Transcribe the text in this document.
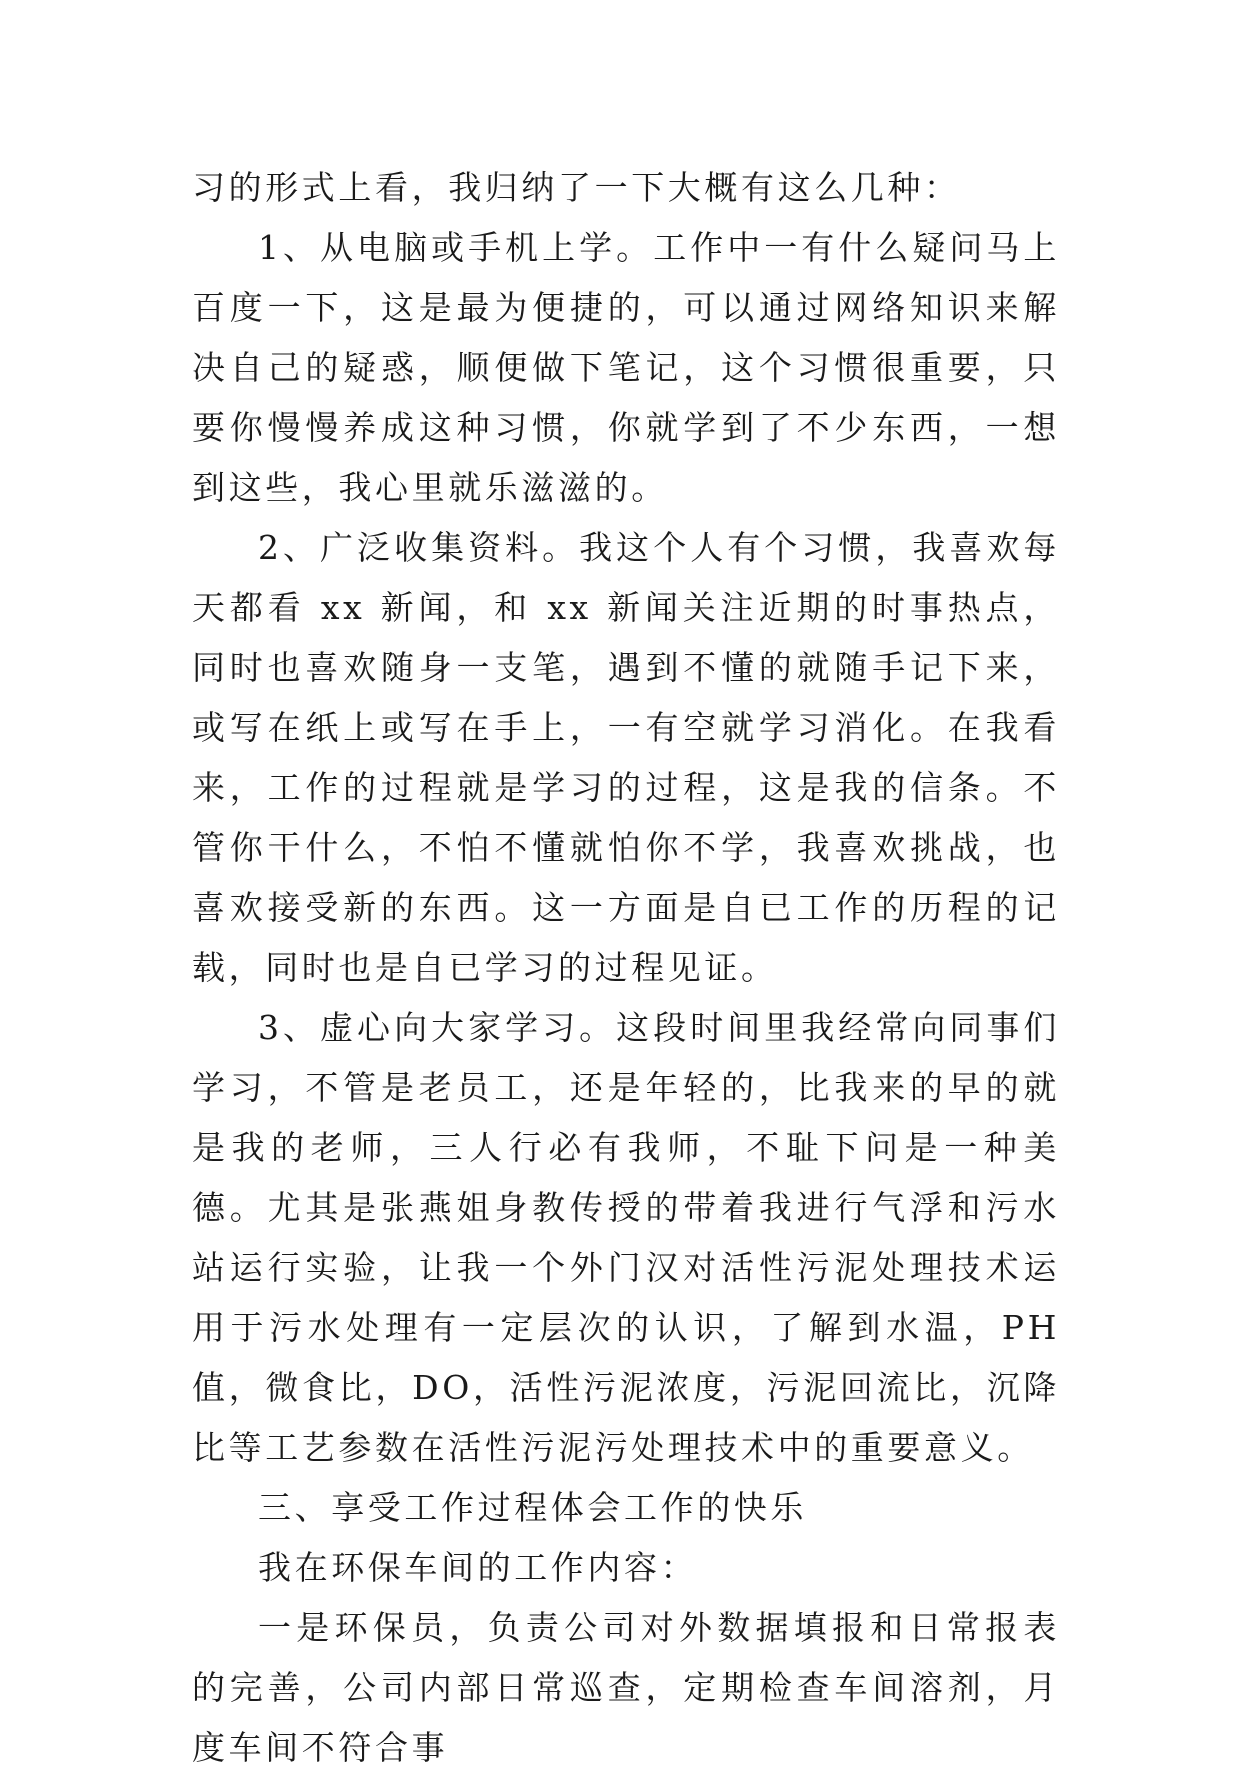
习的形式上看，我归纳了一下大概有这么几种：

1、从电脑或手机上学。工作中一有什么疑问马上百度一下，这是最为便捷的，可以通过网络知识来解决自己的疑惑，顺便做下笔记，这个习惯很重要，只要你慢慢养成这种习惯，你就学到了不少东西，一想到这些，我心里就乐滋滋的。

2、广泛收集资料。我这个人有个习惯，我喜欢每天都看 xx 新闻，和 xx 新闻关注近期的时事热点，同时也喜欢随身一支笔，遇到不懂的就随手记下来，或写在纸上或写在手上，一有空就学习消化。在我看来，工作的过程就是学习的过程，这是我的信条。不管你干什么，不怕不懂就怕你不学，我喜欢挑战，也喜欢接受新的东西。这一方面是自已工作的历程的记载，同时也是自已学习的过程见证。

3、虚心向大家学习。这段时间里我经常向同事们学习，不管是老员工，还是年轻的，比我来的早的就是我的老师，三人行必有我师，不耻下问是一种美德。尤其是张燕姐身教传授的带着我进行气浮和污水站运行实验，让我一个外门汉对活性污泥处理技术运用于污水处理有一定层次的认识，了解到水温，PH 值，微食比，DO，活性污泥浓度，污泥回流比，沉降比等工艺参数在活性污泥污处理技术中的重要意义。

三、享受工作过程体会工作的快乐

我在环保车间的工作内容：

一是环保员，负责公司对外数据填报和日常报表的完善，公司内部日常巡查，定期检查车间溶剂，月度车间不符合事
